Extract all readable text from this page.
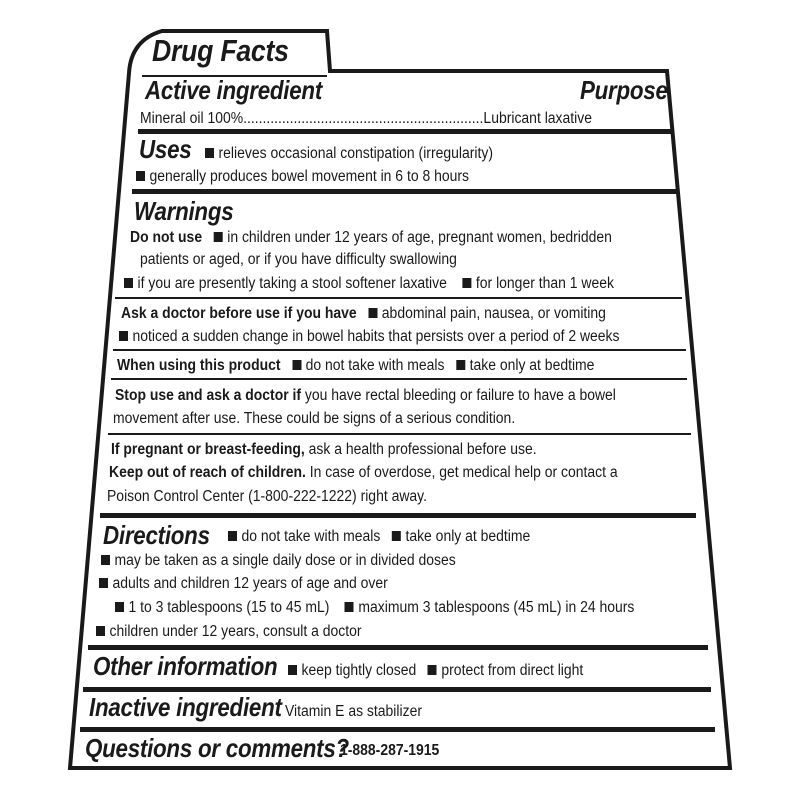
Drug Facts
Active ingredient	Purpose
Mineral oil 100%..............................................................Lubricant laxative
Uses	relieves occasional constipation (irregularity)
generally produces bowel movement in 6 to 8 hours
Warnings
Do not use in children under 12 years of age, pregnant women, bedridden
patients or aged, or if you have difficulty swallowing
if you are presently taking a stool softener laxative for longer than 1 week
Ask a doctor before use if you have abdominal pain, nausea, or vomiting
noticed a sudden change in bowel habits that persists over a period of 2 weeks
When using this product do not take with meals take only at bedtime
Stop use and ask a doctor if you have rectal bleeding or failure to have a bowel
movement after use. These could be signs of a serious condition.
If pregnant or breast-feeding, ask a health professional before use.
Keep out of reach of children. In case of overdose, get medical help or contact a
Poison Control Center (1-800-222-1222) right away.
Directions	do not take with meals take only at bedtime
may be taken as a single daily dose or in divided doses
adults and children 12 years of age and over
1 to 3 tablespoons (15 to 45 mL) maximum 3 tablespoons (45 mL) in 24 hours
children under 12 years, consult a doctor
Other information	keep tightly closed protect from direct light
Inactive ingredient Vitamin E as stabilizer
Questions or comments?
1-888-287-1915
